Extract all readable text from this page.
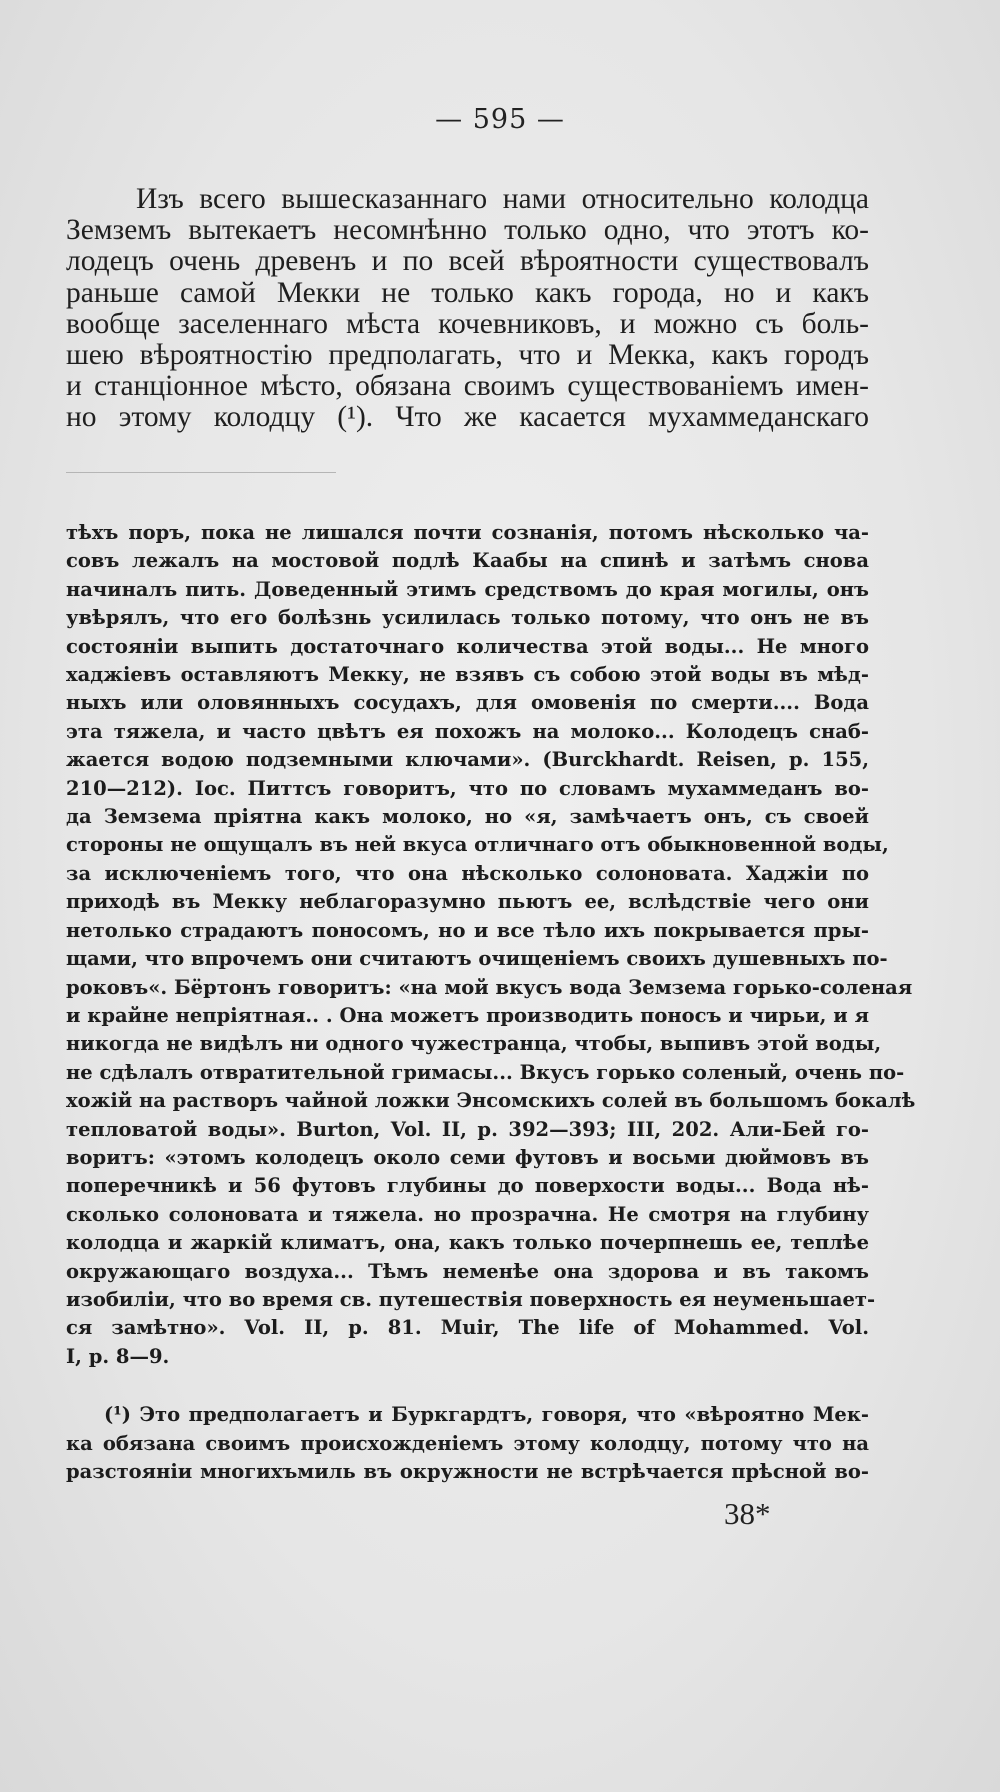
— 595 —
Изъ всего вышесказаннаго нами относительно колодца
Земземъ вытекаетъ несомнѣнно только одно, что этотъ ко-
лодецъ очень древенъ и по всей вѣроятности существовалъ
раньше самой Мекки не только какъ города, но и какъ
вообще заселеннаго мѣста кочевниковъ, и можно съ боль-
шею вѣроятностію предполагать, что и Мекка, какъ городъ
и станціонное мѣсто, обязана своимъ существованіемъ имен-
но этому колодцу (¹). Что же касается мухаммеданскаго
тѣхъ поръ, пока не лишался почти сознанія, потомъ нѣсколько ча-
совъ лежалъ на мостовой подлѣ Каабы на спинѣ и затѣмъ снова
начиналъ пить. Доведенный этимъ средствомъ до края могилы, онъ
увѣрялъ, что его болѣзнь усилилась только потому, что онъ не въ
состояніи выпить достаточнаго количества этой воды... Не много
хаджіевъ оставляютъ Мекку, не взявъ съ собою этой воды въ мѣд-
ныхъ или оловянныхъ сосудахъ, для омовенія по смерти.... Вода
эта тяжела, и часто цвѣтъ ея похожъ на молоко... Колодецъ снаб-
жается водою подземными ключами». (Burckhardt. Reisen, p. 155,
210—212). Іос. Питтсъ говоритъ, что по словамъ мухаммеданъ во-
да Земзема пріятна какъ молоко, но «я, замѣчаетъ онъ, съ своей
стороны не ощущалъ въ ней вкуса отличнаго отъ обыкновенной воды,
за исключеніемъ того, что она нѣсколько солоновата. Хаджіи по
приходѣ въ Мекку неблагоразумно пьютъ ее, вслѣдствіе чего они
нетолько страдаютъ поносомъ, но и все тѣло ихъ покрывается пры-
щами, что впрочемъ они считаютъ очищеніемъ своихъ душевныхъ по-
роковъ«. Бёртонъ говоритъ: «на мой вкусъ вода Земзема горько-соленая
и крайне непріятная.. . Она можетъ производить поносъ и чирьи, и я
никогда не видѣлъ ни одного чужестранца, чтобы, выпивъ этой воды,
не сдѣлалъ отвратительной гримасы... Вкусъ горько соленый, очень по-
хожій на растворъ чайной ложки Энсомскихъ солей въ большомъ бокалѣ
тепловатой воды». Burton, Vol. II, p. 392—393; III, 202. Али-Бей го-
воритъ: «этомъ колодецъ около семи футовъ и восьми дюймовъ въ
поперечникѣ и 56 футовъ глубины до поверхости воды... Вода нѣ-
сколько солоновата и тяжела. но прозрачна. Не смотря на глубину
колодца и жаркій климатъ, она, какъ только почерпнешь ее, теплѣе
окружающаго воздуха... Тѣмъ неменѣе она здорова и въ такомъ
изобиліи, что во время св. путешествія поверхность ея неуменьшает-
ся замѣтно». Vol. II, p. 81. Muir, The life of Mohammed. Vol.
I, p. 8—9.
(¹) Это предполагаетъ и Буркгардтъ, говоря, что «вѣроятно Мек-
ка обязана своимъ происхожденіемъ этому колодцу, потому что на
разстояніи многихъмиль въ окружности не встрѣчается прѣсной во-
38*
